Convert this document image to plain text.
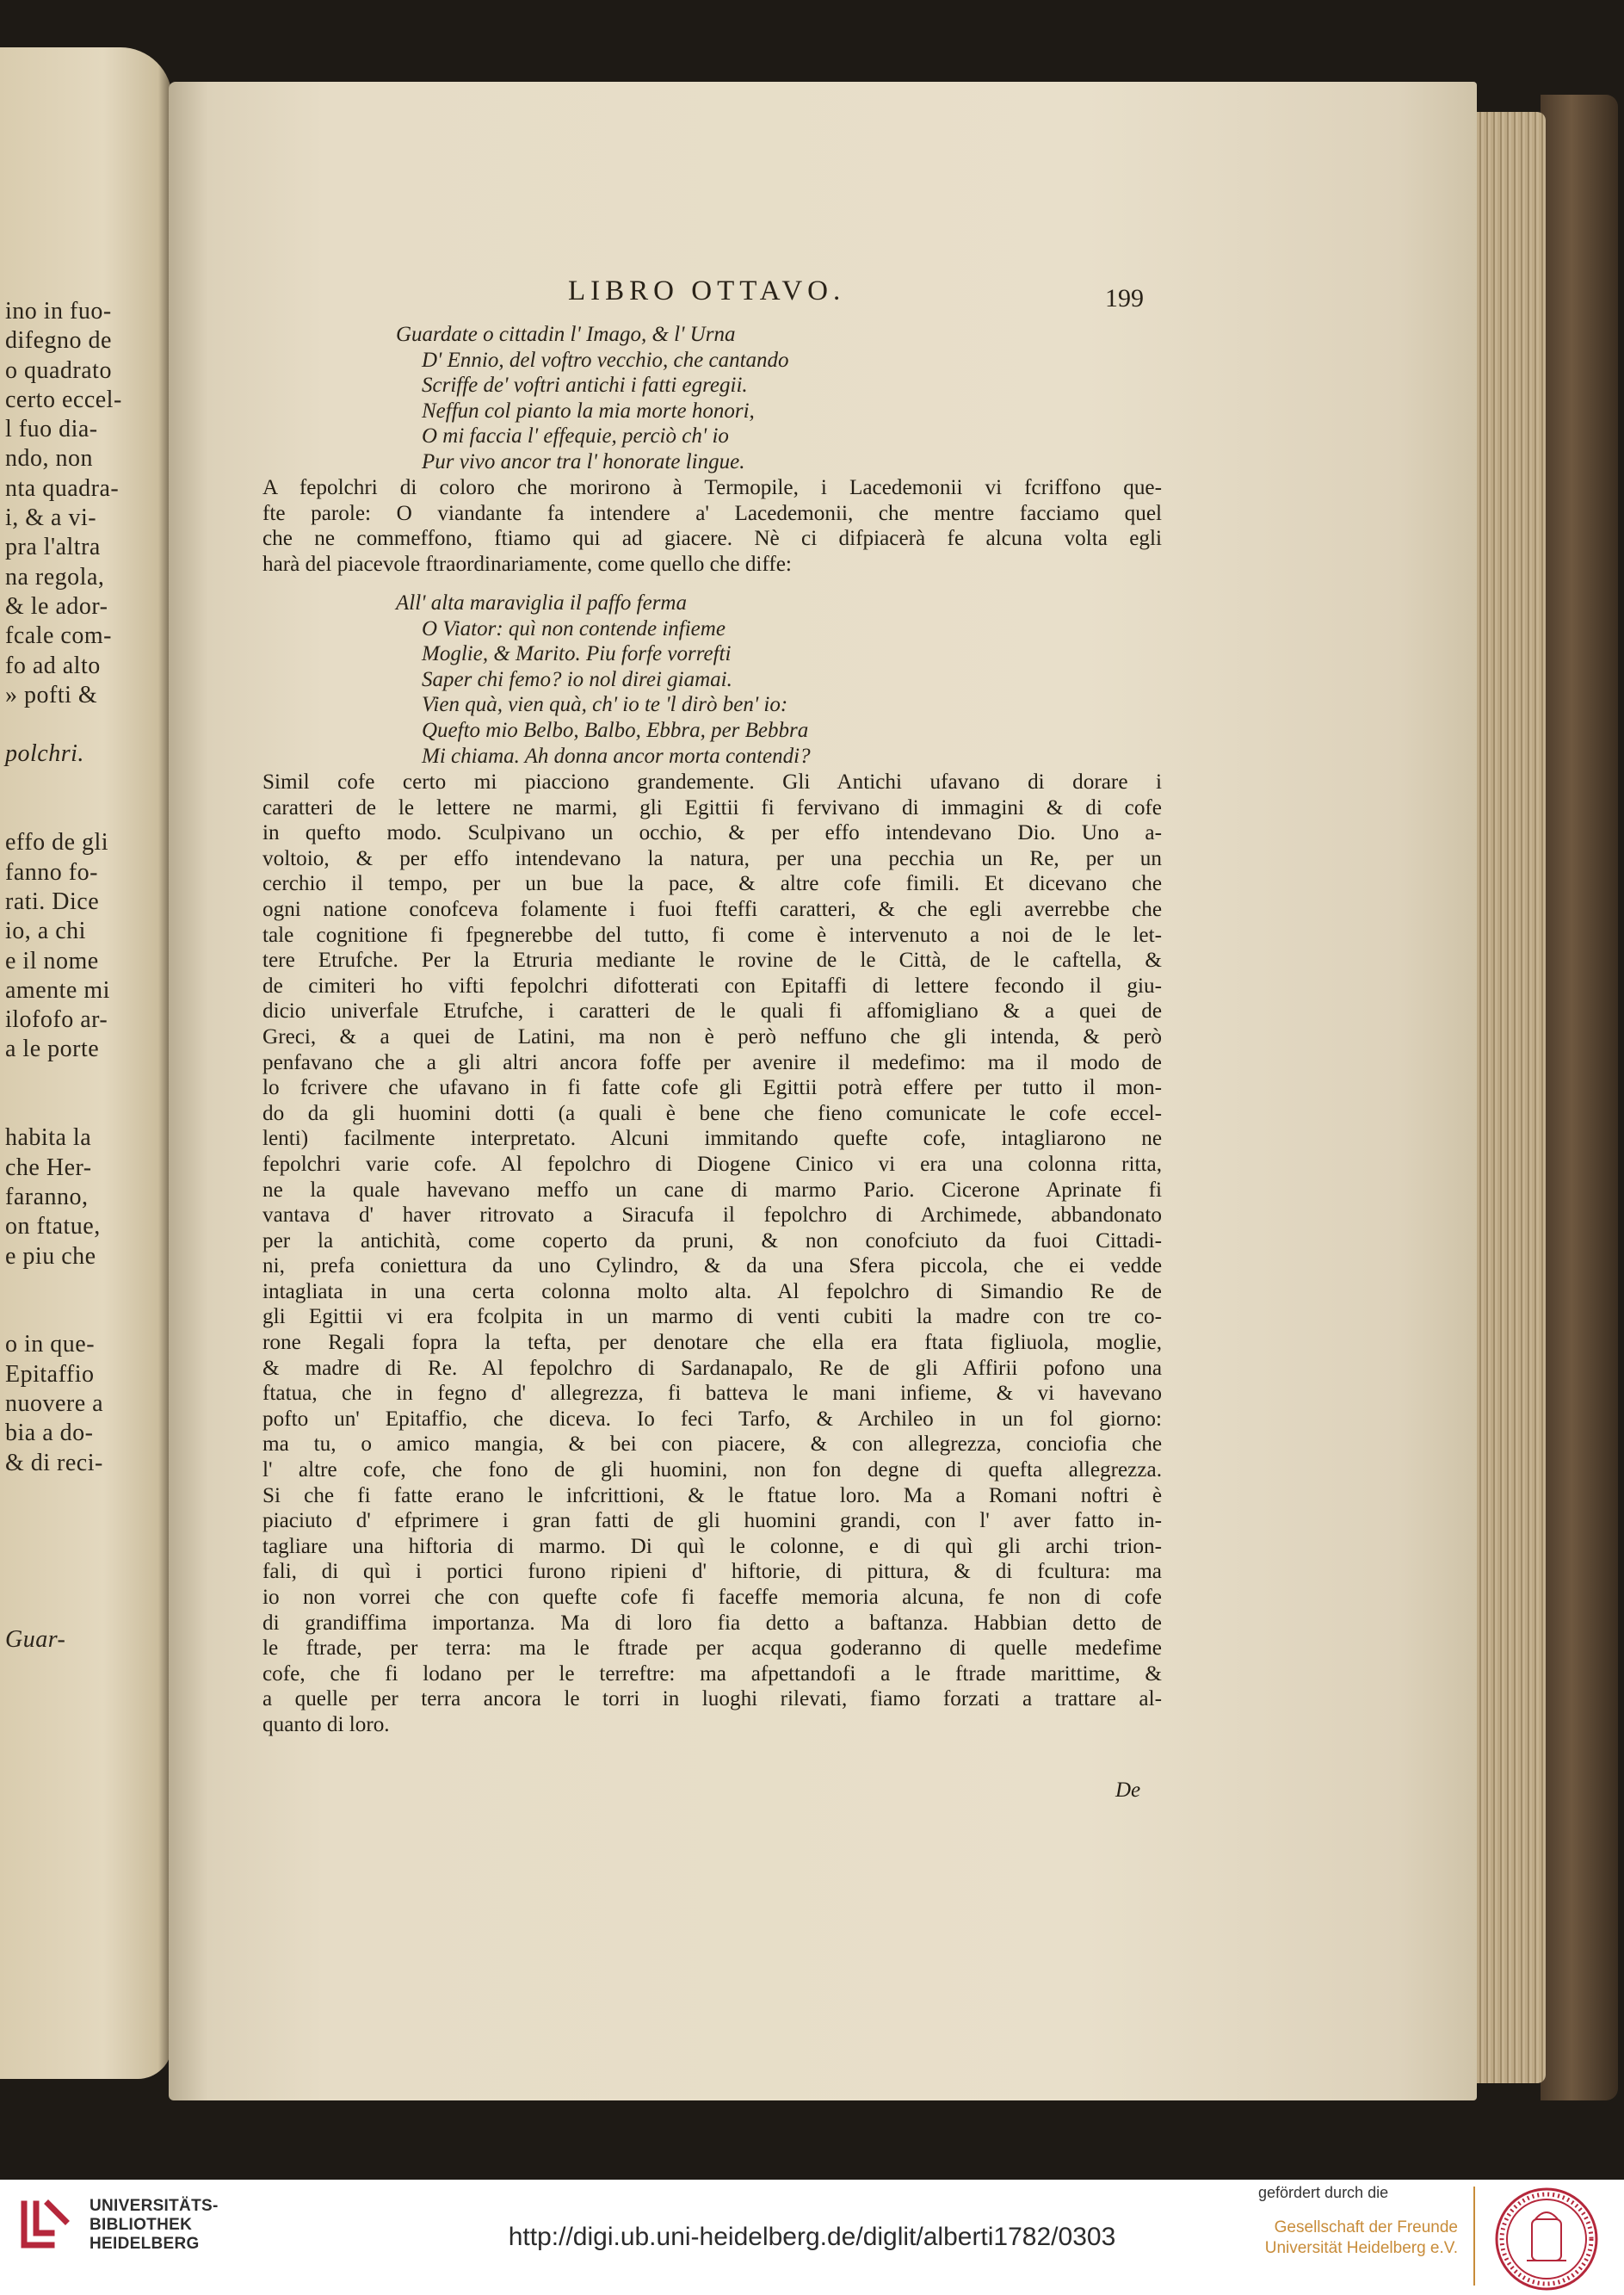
ino in fuo-
difegno de
o quadrato
certo eccel-
l fuo dia-
ndo, non
nta quadra-
i, & a vi-
pra l'altra
na regola,
& le ador-
fcale com-
fo ad alto
» pofti &
polchri.
effo de gli
fanno fo-
rati. Dice
io, a chi
e il nome
amente mi
ilofofo ar-
a le porte
habita la
che Her-
faranno,
on ftatue,
e piu che
o in que-
Epitaffio
nuovere a
bia a do-
& di reci-
Guar-
LIBRO OTTAVO.	199
Guardate o cittadin l' Imago, & l' Urna
D' Ennio, del voftro vecchio, che cantando
Scriffe de' voftri antichi i fatti egregii.
Neffun col pianto la mia morte honori,
O mi faccia l' effequie, perciò ch' io
Pur vivo ancor tra l' honorate lingue.
A fepolchri di coloro che morirono à Termopile, i Lacedemonii vi fcriffono que-
fte parole: O viandante fa intendere a' Lacedemonii, che mentre facciamo quel
che ne commeffono, ftiamo qui ad giacere. Nè ci difpiacerà fe alcuna volta egli
harà del piacevole ftraordinariamente, come quello che diffe:
All' alta maraviglia il paffo ferma
O Viator: quì non contende infieme
Moglie, & Marito. Piu forfe vorrefti
Saper chi femo? io nol direi giamai.
Vien quà, vien quà, ch' io te 'l dirò ben' io:
Quefto mio Belbo, Balbo, Ebbra, per Bebbra
Mi chiama. Ah donna ancor morta contendi?
Simil cofe certo mi piacciono grandemente. Gli Antichi ufavano di dorare i
caratteri de le lettere ne marmi, gli Egittii fi fervivano di immagini & di cofe
in quefto modo. Sculpivano un occhio, & per effo intendevano Dio. Uno a-
voltoio, & per effo intendevano la natura, per una pecchia un Re, per un
cerchio il tempo, per un bue la pace, & altre cofe fimili. Et dicevano che
ogni natione conofceva folamente i fuoi fteffi caratteri, & che egli averrebbe che
tale cognitione fi fpegnerebbe del tutto, fi come è intervenuto a noi de le let-
tere Etrufche. Per la Etruria mediante le rovine de le Città, de le caftella, &
de cimiteri ho vifti fepolchri difotterati con Epitaffi di lettere fecondo il giu-
dicio univerfale Etrufche, i caratteri de le quali fi affomigliano & a quei de
Greci, & a quei de Latini, ma non è però neffuno che gli intenda, & però
penfavano che a gli altri ancora foffe per avenire il medefimo: ma il modo de
lo fcrivere che ufavano in fi fatte cofe gli Egittii potrà effere per tutto il mon-
do da gli huomini dotti (a quali è bene che fieno comunicate le cofe eccel-
lenti) facilmente interpretato. Alcuni immitando quefte cofe, intagliarono ne
fepolchri varie cofe. Al fepolchro di Diogene Cinico vi era una colonna ritta,
ne la quale havevano meffo un cane di marmo Pario. Cicerone Aprinate fi
vantava d' haver ritrovato a Siracufa il fepolchro di Archimede, abbandonato
per la antichità, come coperto da pruni, & non conofciuto da fuoi Cittadi-
ni, prefa coniettura da uno Cylindro, & da una Sfera piccola, che ei vedde
intagliata in una certa colonna molto alta. Al fepolchro di Simandio Re de
gli Egittii vi era fcolpita in un marmo di venti cubiti la madre con tre co-
rone Regali fopra la tefta, per denotare che ella era ftata figliuola, moglie,
& madre di Re. Al fepolchro di Sardanapalo, Re de gli Affirii pofono una
ftatua, che in fegno d' allegrezza, fi batteva le mani infieme, & vi havevano
pofto un' Epitaffio, che diceva. Io feci Tarfo, & Archileo in un fol giorno:
ma tu, o amico mangia, & bei con piacere, & con allegrezza, conciofia che
l' altre cofe, che fono de gli huomini, non fon degne di quefta allegrezza.
Si che fi fatte erano le infcrittioni, & le ftatue loro. Ma a Romani noftri è
piaciuto d' efprimere i gran fatti de gli huomini grandi, con l' aver fatto in-
tagliare una hiftoria di marmo. Di quì le colonne, e di quì gli archi trion-
fali, di quì i portici furono ripieni d' hiftorie, di pittura, & di fcultura: ma
io non vorrei che con quefte cofe fi faceffe memoria alcuna, fe non di cofe
di grandiffima importanza. Ma di loro fia detto a baftanza. Habbian detto de
le ftrade, per terra: ma le ftrade per acqua goderanno di quelle medefime
cofe, che fi lodano per le terreftre: ma afpettandofi a le ftrade marittime, &
a quelle per terra ancora le torri in luoghi rilevati, fiamo forzati a trattare al-
quanto di loro.
De
UNIVERSITÄTS-
BIBLIOTHEK
HEIDELBERG	http://digi.ub.uni-heidelberg.de/diglit/alberti1782/0303
gefördert durch die
Gesellschaft der Freunde
Universität Heidelberg e.V.
